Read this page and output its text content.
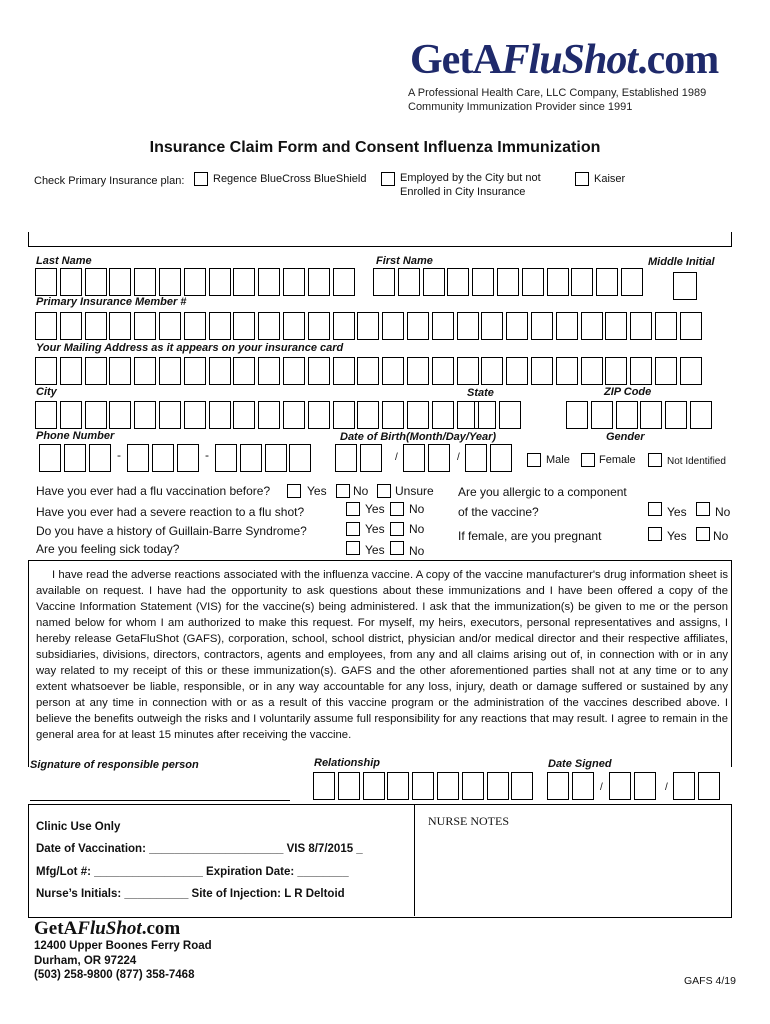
GetAFluShot.com
A Professional Health Care, LLC Company, Established 1989
Community Immunization Provider since 1991
Insurance Claim Form and Consent Influenza Immunization
Check Primary Insurance plan:	Regence BlueCross BlueShield	Employed by the City but not
Enrolled in City Insurance
Kaiser
Last Name	First Name	Middle Initial
Primary Insurance Member #
Your Mailing Address as it appears on your insurance card
City	State	ZIP Code
Phone Number	Date of Birth(Month/Day/Year)	Gender
-	-	/	/	Male	Female	Not Identified
Have you ever had a flu vaccination before?	Yes No Unsure
Have you ever had a severe reaction to a flu shot?	Yes No
Do you have a history of Guillain-Barre Syndrome?	Yes No
Are you feeling sick today?	Yes No
Are you allergic to a component
of the vaccine?	Yes No
If female, are you pregnant	Yes No
I have read the adverse reactions associated with the influenza vaccine. A copy of the vaccine manufacturer's drug information sheet is available on request. I have had the opportunity to ask questions about these immunizations and I have been offered a copy of the Vaccine Information Statement (VIS) for the vaccine(s) being administered. I ask that the immunization(s) be given to me or the person named below for whom I am authorized to make this request. For myself, my heirs, executors, personal representatives and assigns, I hereby release GetaFluShot (GAFS), corporation, school, school district, physician and/or medical director and their respective affiliates, subsidiaries, divisions, directors, contractors, agents and employees, from any and all claims arising out of, in connection with or in any way related to my receipt of this or these immunization(s). GAFS and the other aforementioned parties shall not at any time or to any extent whatsoever be liable, responsible, or in any way accountable for any loss, injury, death or damage suffered or sustained by any person at any time in connection with or as a result of this vaccine program or the administration of the vaccines described above. I believe the benefits outweigh the risks and I voluntarily assume full responsibility for any reactions that may result. I agree to remain in the general area for at least 15 minutes after receiving the vaccine.
Signature of responsible person	Relationship	Date Signed
/	/
Clinic Use Only
Date of Vaccination: _____________________ VIS 8/7/2015 _
Mfg/Lot #: _________________ Expiration Date: ________
Nurse’s Initials: __________ Site of Injection: L R Deltoid
NURSE NOTES
GetAFluShot.com
12400 Upper Boones Ferry Road
Durham, OR 97224
(503) 258-9800 (877) 358-7468	GAFS 4/19
